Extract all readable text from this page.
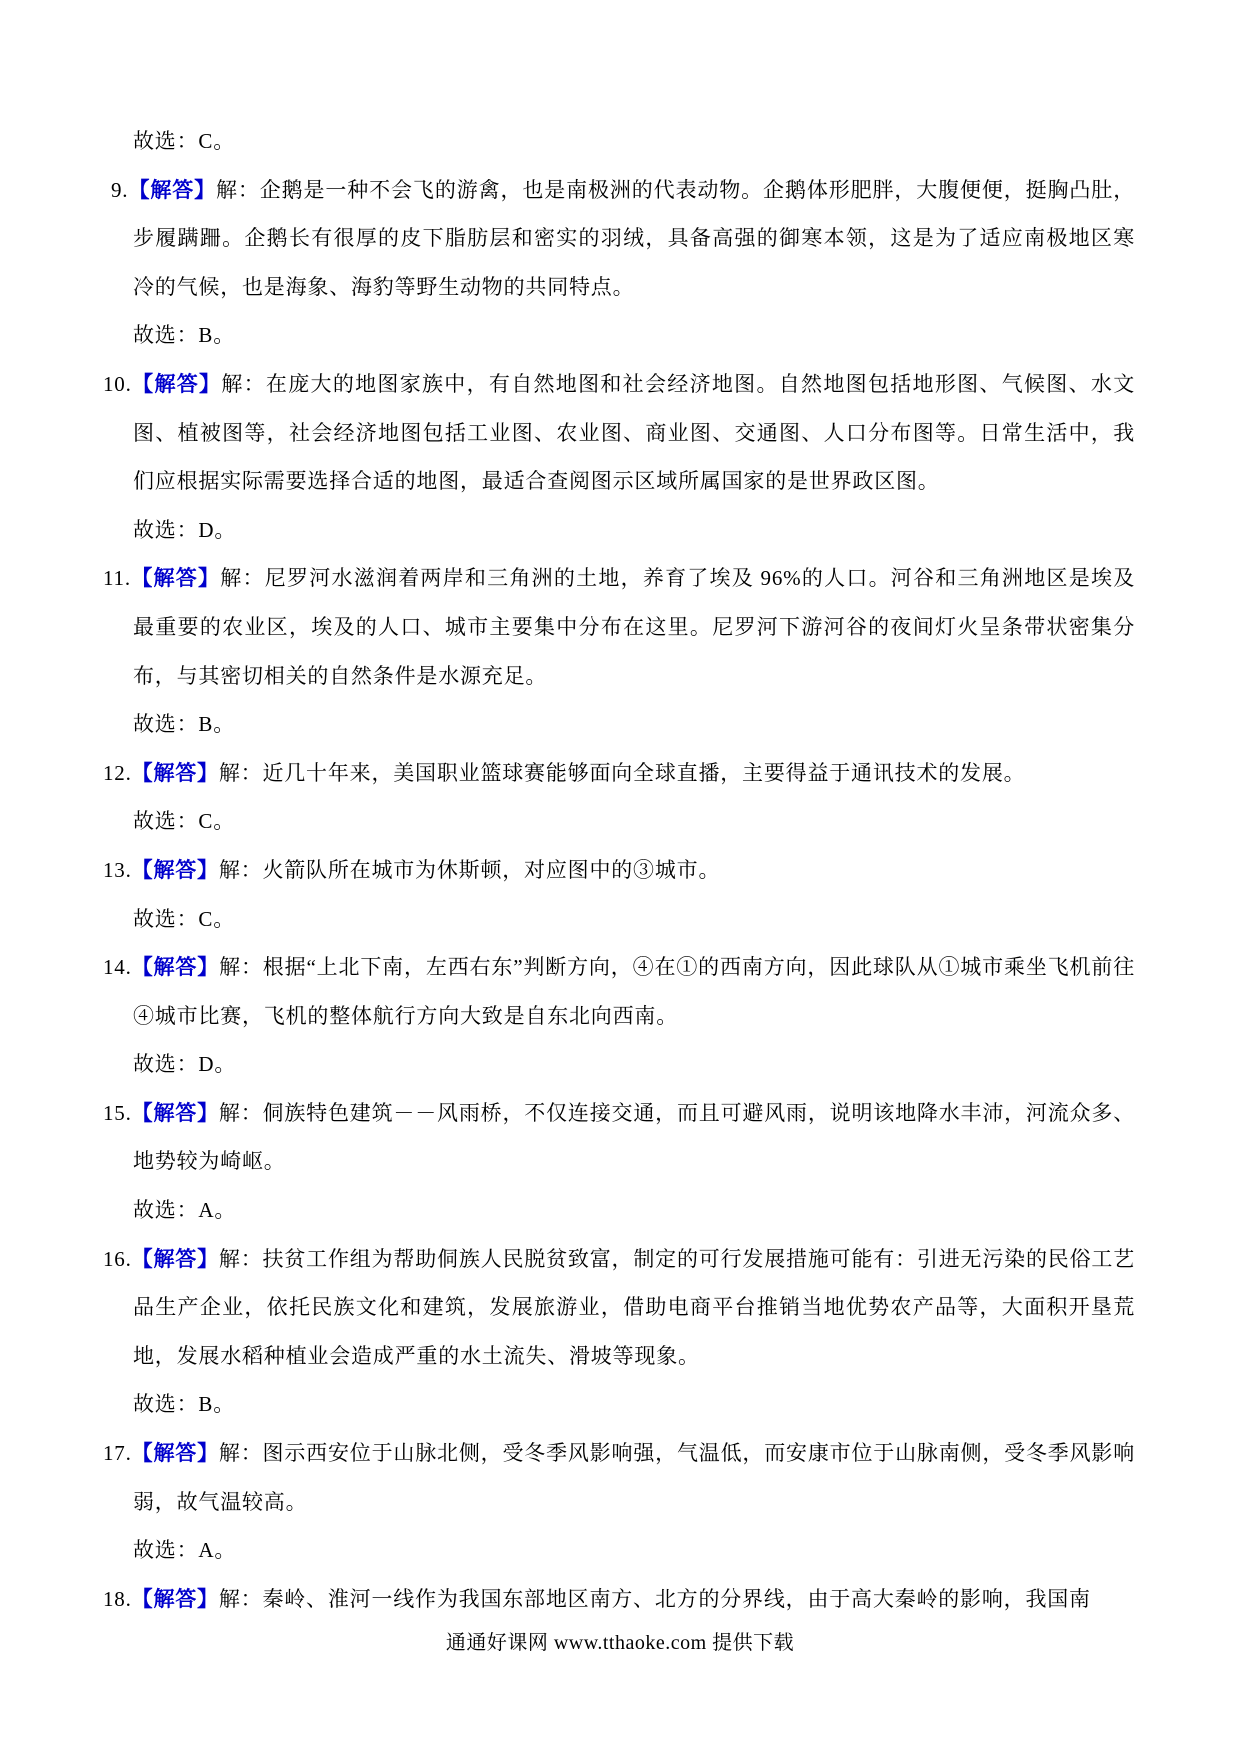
故选：C。

9.【解答】解：企鹅是一种不会飞的游禽，也是南极洲的代表动物。企鹅体形肥胖，大腹便便，挺胸凸肚，步履蹒跚。企鹅长有很厚的皮下脂肪层和密实的羽绒，具备高强的御寒本领，这是为了适应南极地区寒冷的气候，也是海象、海豹等野生动物的共同特点。

故选：B。

10.【解答】解：在庞大的地图家族中，有自然地图和社会经济地图。自然地图包括地形图、气候图、水文图、植被图等，社会经济地图包括工业图、农业图、商业图、交通图、人口分布图等。日常生活中，我们应根据实际需要选择合适的地图，最适合查阅图示区域所属国家的是世界政区图。

故选：D。

11.【解答】解：尼罗河水滋润着两岸和三角洲的土地，养育了埃及 96%的人口。河谷和三角洲地区是埃及最重要的农业区，埃及的人口、城市主要集中分布在这里。尼罗河下游河谷的夜间灯火呈条带状密集分布，与其密切相关的自然条件是水源充足。

故选：B。

12.【解答】解：近几十年来，美国职业篮球赛能够面向全球直播，主要得益于通讯技术的发展。

故选：C。

13.【解答】解：火箭队所在城市为休斯顿，对应图中的③城市。

故选：C。

14.【解答】解：根据“上北下南，左西右东”判断方向，④在①的西南方向，因此球队从①城市乘坐飞机前往④城市比赛，飞机的整体航行方向大致是自东北向西南。

故选：D。

15.【解答】解：侗族特色建筑－－风雨桥，不仅连接交通，而且可避风雨，说明该地降水丰沛，河流众多、地势较为崎岖。

故选：A。

16.【解答】解：扶贫工作组为帮助侗族人民脱贫致富，制定的可行发展措施可能有：引进无污染的民俗工艺品生产企业，依托民族文化和建筑，发展旅游业，借助电商平台推销当地优势农产品等，大面积开垦荒地，发展水稻种植业会造成严重的水土流失、滑坡等现象。

故选：B。

17.【解答】解：图示西安位于山脉北侧，受冬季风影响强，气温低，而安康市位于山脉南侧，受冬季风影响弱，故气温较高。

故选：A。

18.【解答】解：秦岭、淮河一线作为我国东部地区南方、北方的分界线，由于高大秦岭的影响，我国南

通通好课网 www.tthaoke.com 提供下载
